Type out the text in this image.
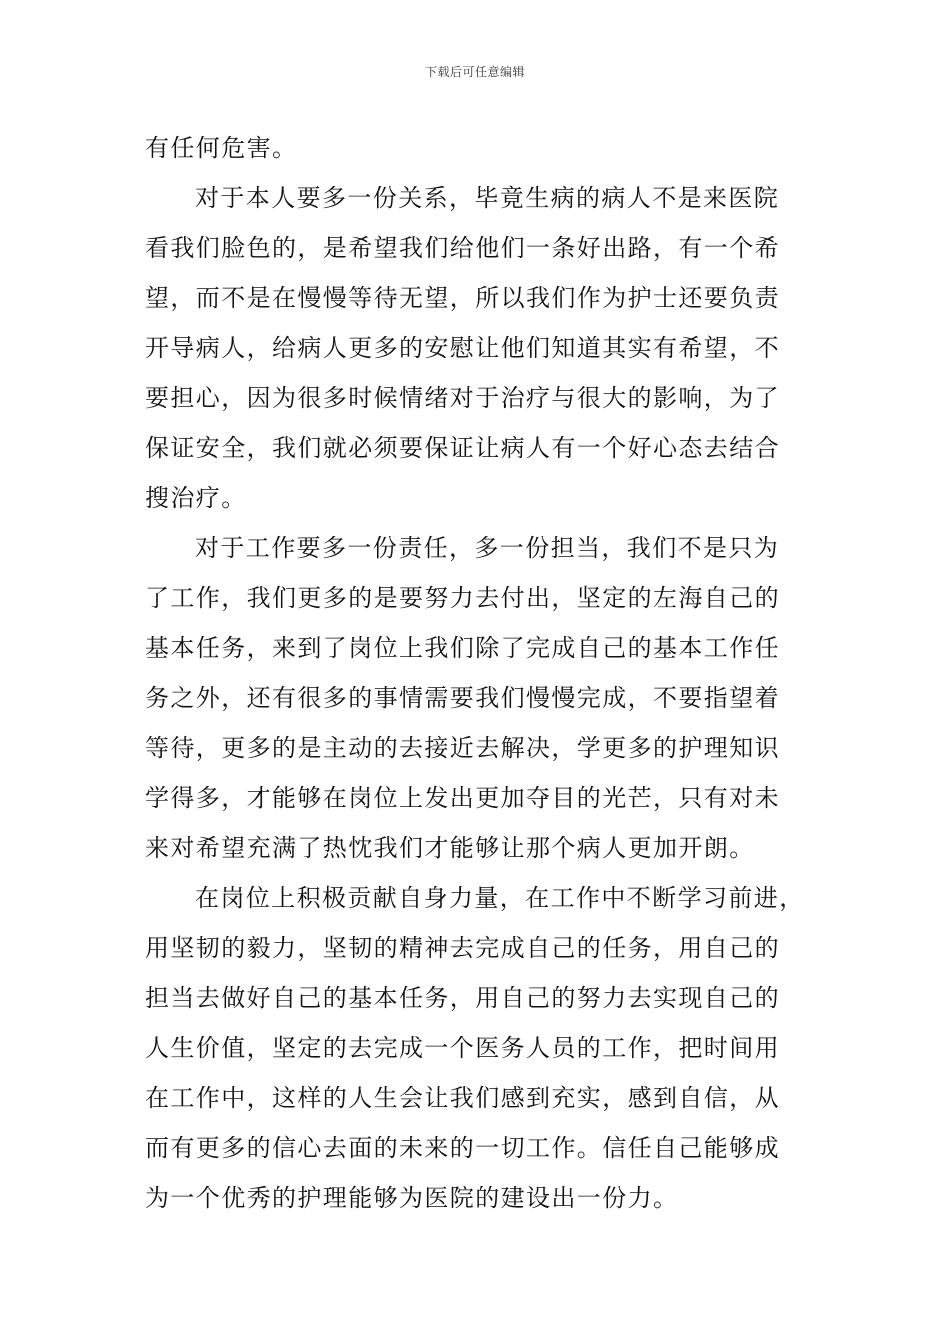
下载后可任意编辑
有任何危害。
对于本人要多一份关系，毕竟生病的病人不是来医院
看我们脸色的，是希望我们给他们一条好出路，有一个希
望，而不是在慢慢等待无望，所以我们作为护士还要负责
开导病人，给病人更多的安慰让他们知道其实有希望，不
要担心，因为很多时候情绪对于治疗与很大的影响，为了
保证安全，我们就必须要保证让病人有一个好心态去结合
搜治疗。
对于工作要多一份责任，多一份担当，我们不是只为
了工作，我们更多的是要努力去付出，坚定的左海自己的
基本任务，来到了岗位上我们除了完成自己的基本工作任
务之外，还有很多的事情需要我们慢慢完成，不要指望着
等待，更多的是主动的去接近去解决，学更多的护理知识
学得多，才能够在岗位上发出更加夺目的光芒，只有对未
来对希望充满了热忱我们才能够让那个病人更加开朗。
在岗位上积极贡献自身力量，在工作中不断学习前进，
用坚韧的毅力，坚韧的精神去完成自己的任务，用自己的
担当去做好自己的基本任务，用自己的努力去实现自己的
人生价值，坚定的去完成一个医务人员的工作，把时间用
在工作中，这样的人生会让我们感到充实，感到自信，从
而有更多的信心去面的未来的一切工作。信任自己能够成
为一个优秀的护理能够为医院的建设出一份力。
